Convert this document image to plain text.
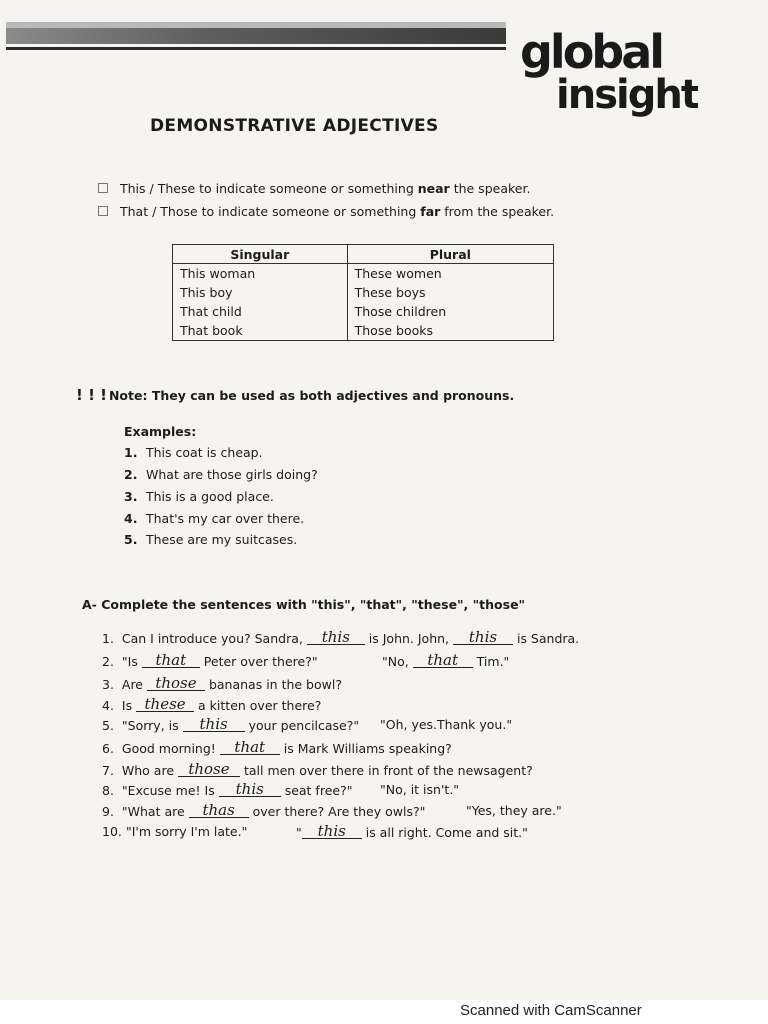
global
insight
DEMONSTRATIVE ADJECTIVES
This / These to indicate someone or something near the speaker.
That / Those to indicate someone or something far from the speaker.
Singular	Plural
This woman	These women
This boy	These boys
That child	Those children
That book	Those books
! ! ! Note: They can be used as both adjectives and pronouns.
Examples:
1. This coat is cheap.
2. What are those girls doing?
3. This is a good place.
4. That's my car over there.
5. These are my suitcases.
A- Complete the sentences with "this", "that", "these", "those"
1. Can I introduce you? Sandra, this is John. John, this is Sandra.
2. "Is that Peter over there?"	"No, that Tim."
3. Are those bananas in the bowl?
4. Is these a kitten over there?
5. "Sorry, is this your pencilcase?" "Oh, yes.Thank you."
6. Good morning! that is Mark Williams speaking?
7. Who are those tall men over there in front of the newsagent?
8. "Excuse me! Is this seat free?" "No, it isn't."
9. "What are thas over there? Are they owls?"	"Yes, they are."
10. "I'm sorry I'm late."	" this is all right. Come and sit."
Scanned with CamScanner
